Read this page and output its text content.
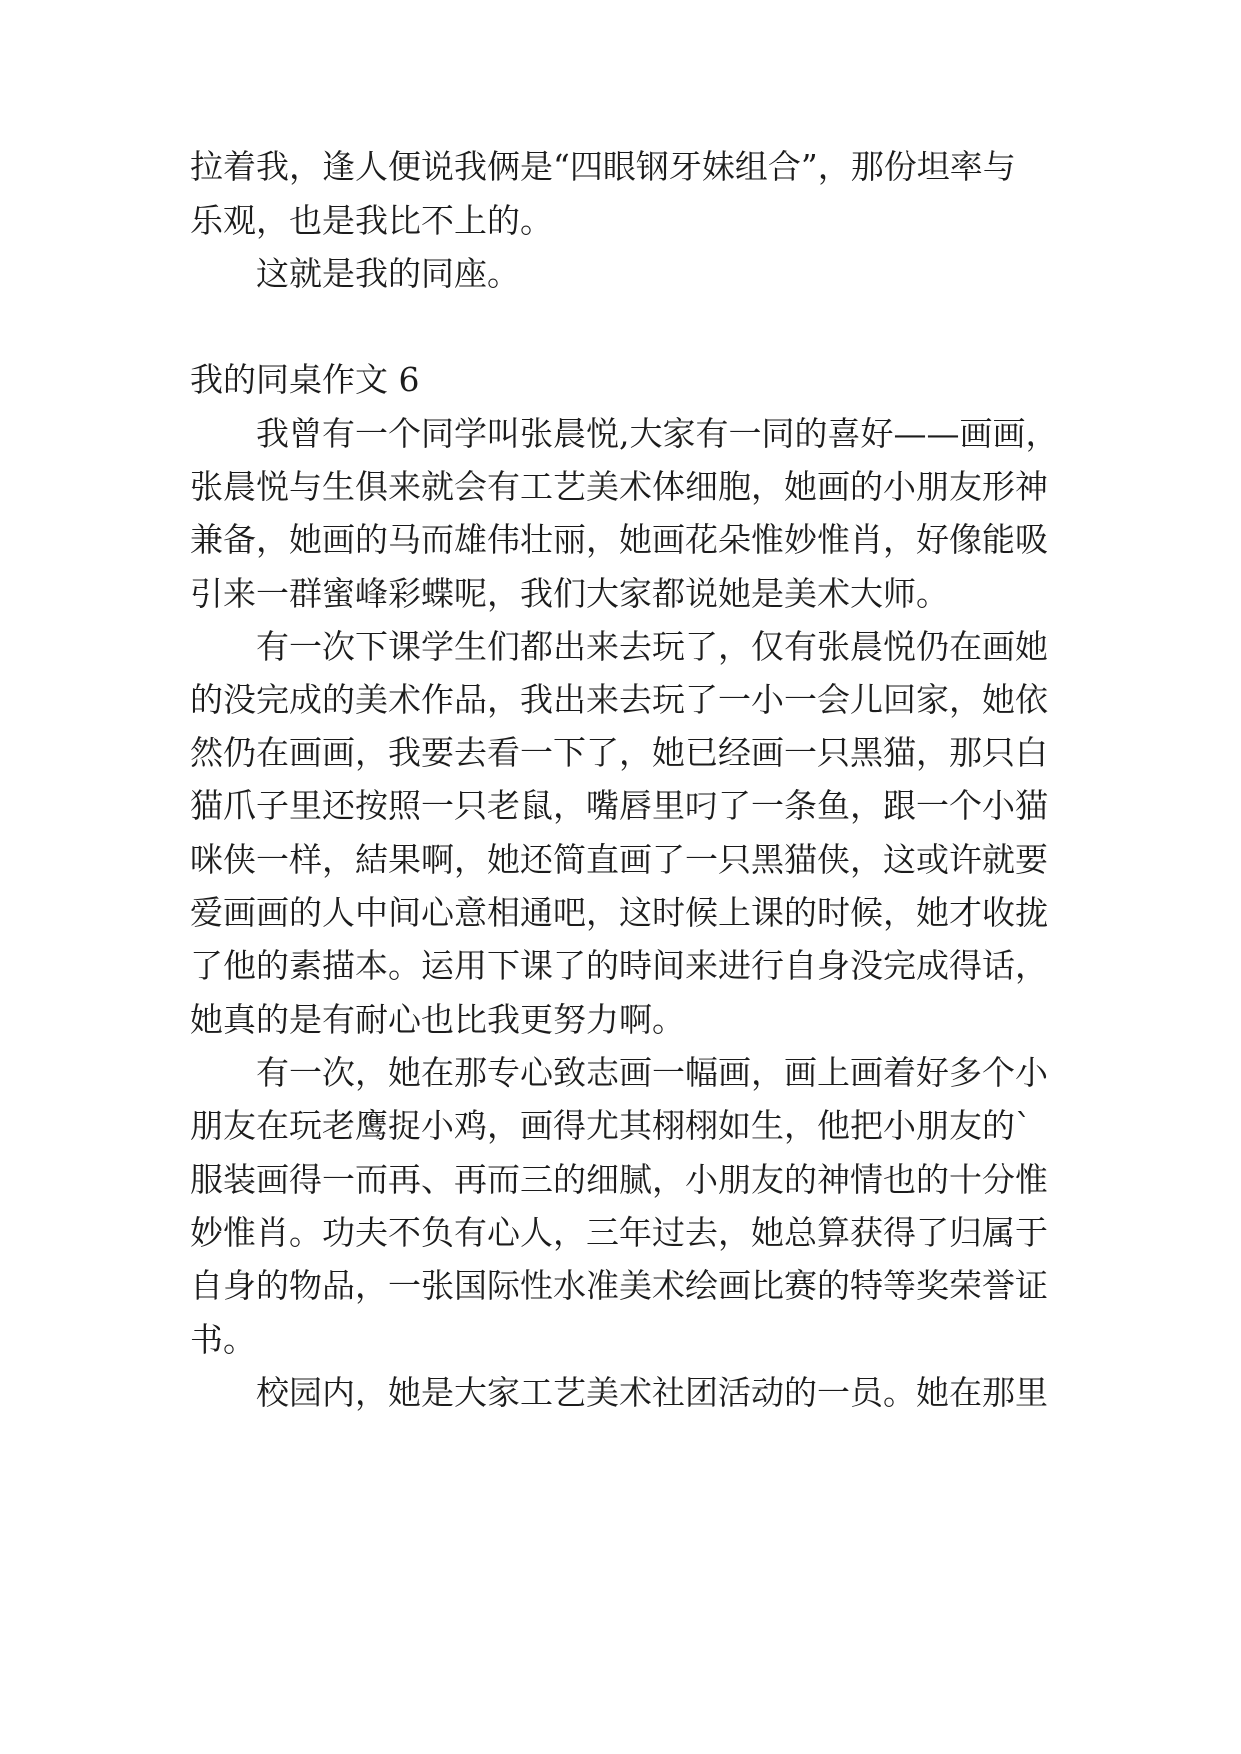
拉着我，逢人便说我俩是“四眼钢牙妹组合”，那份坦率与
乐观，也是我比不上的。
这就是我的同座。
我的同桌作文 6
我曾有一个同学叫张晨悦,大家有一同的喜好——画画，
张晨悦与生俱来就会有工艺美术体细胞，她画的小朋友形神
兼备，她画的马而雄伟壮丽，她画花朵惟妙惟肖，好像能吸
引来一群蜜峰彩蝶呢，我们大家都说她是美术大师。
有一次下课学生们都出来去玩了，仅有张晨悦仍在画她
的没完成的美术作品，我出来去玩了一小一会儿回家，她依
然仍在画画，我要去看一下了，她已经画一只黑猫，那只白
猫爪子里还按照一只老鼠，嘴唇里叼了一条鱼，跟一个小猫
咪侠一样，結果啊，她还简直画了一只黑猫侠，这或许就要
爱画画的人中间心意相通吧，这时候上课的时候，她才收拢
了他的素描本。运用下课了的時间来进行自身没完成得话，
她真的是有耐心也比我更努力啊。
有一次，她在那专心致志画一幅画，画上画着好多个小
朋友在玩老鹰捉小鸡，画得尤其栩栩如生，他把小朋友的`
服装画得一而再、再而三的细腻，小朋友的神情也的十分惟
妙惟肖。功夫不负有心人，三年过去，她总算获得了归属于
自身的物品，一张国际性水准美术绘画比赛的特等奖荣誉证
书。
校园内，她是大家工艺美术社团活动的一员。她在那里
